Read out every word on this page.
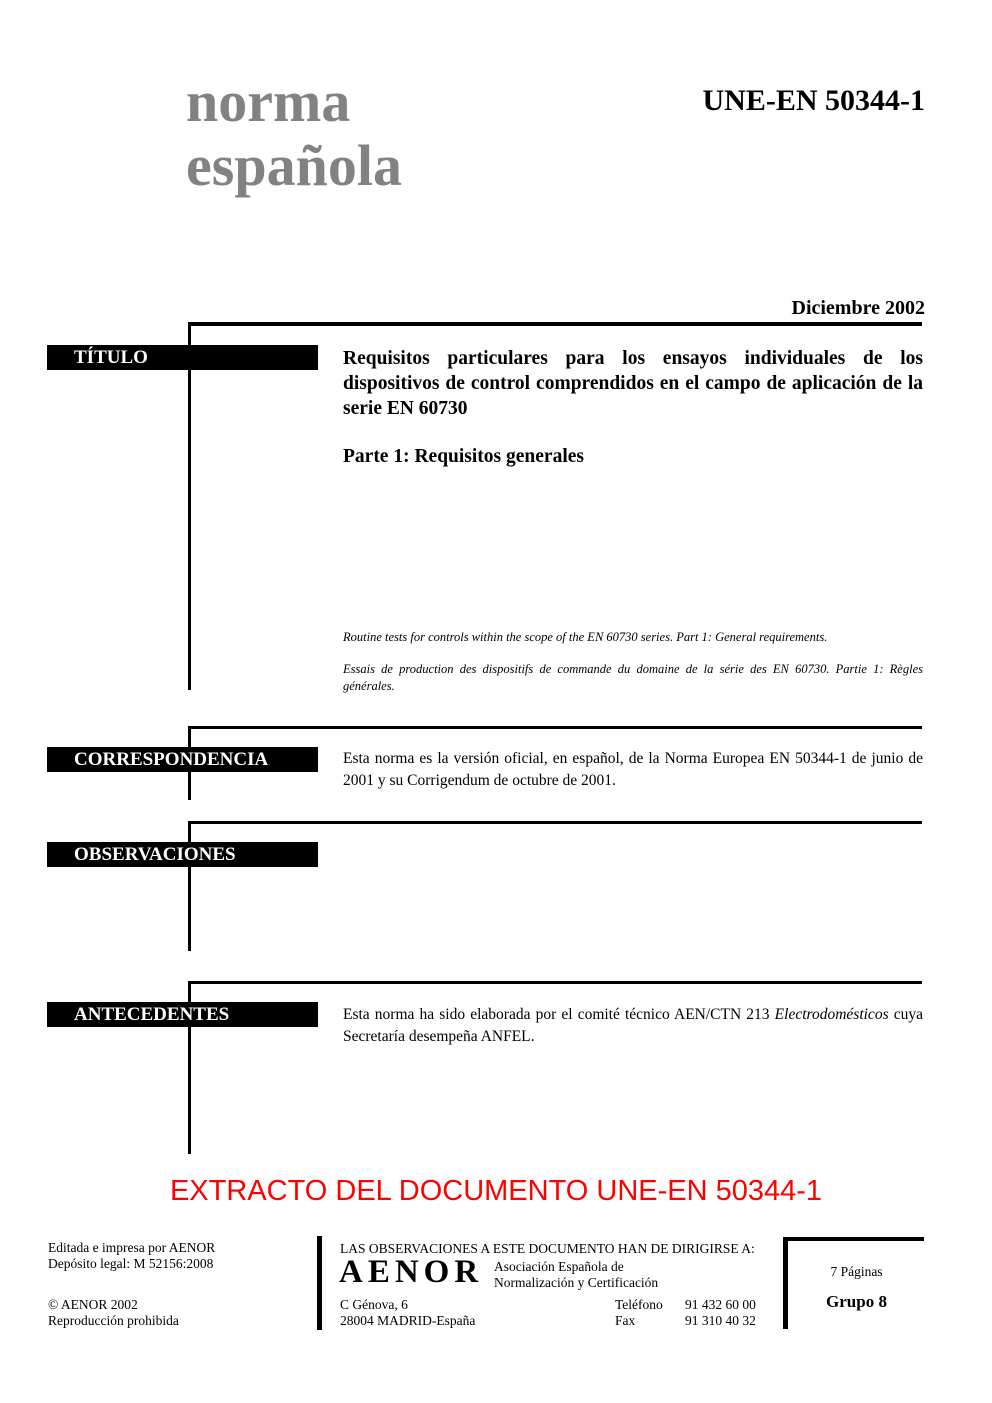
norma
española
UNE-EN 50344-1
Diciembre 2002
TÍTULO	Requisitos particulares para los ensayos individuales de los dispositivos de control comprendidos en el campo de aplicación de la serie EN 60730
Parte 1: Requisitos generales
Routine tests for controls within the scope of the EN 60730 series. Part 1: General requirements.
Essais de production des dispositifs de commande du domaine de la série des EN 60730. Partie 1: Règles générales.
CORRESPONDENCIA	Esta norma es la versión oficial, en español, de la Norma Europea EN 50344-1 de junio de 2001 y su Corrigendum de octubre de 2001.
OBSERVACIONES
ANTECEDENTES	Esta norma ha sido elaborada por el comité técnico AEN/CTN 213 Electrodomésticos cuya Secretaría desempeña ANFEL.
EXTRACTO DEL DOCUMENTO UNE-EN 50344-1
Editada e impresa por AENOR
Depósito legal: M 52156:2008
© AENOR 2002
Reproducción prohibida
LAS OBSERVACIONES A ESTE DOCUMENTO HAN DE DIRIGIRSE A:
AENOR Asociación Española de
Normalización y Certificación
C Génova, 6
28004 MADRID-España
Teléfono 91 432 60 00
Fax	91 310 40 32
7 Páginas
Grupo 8
